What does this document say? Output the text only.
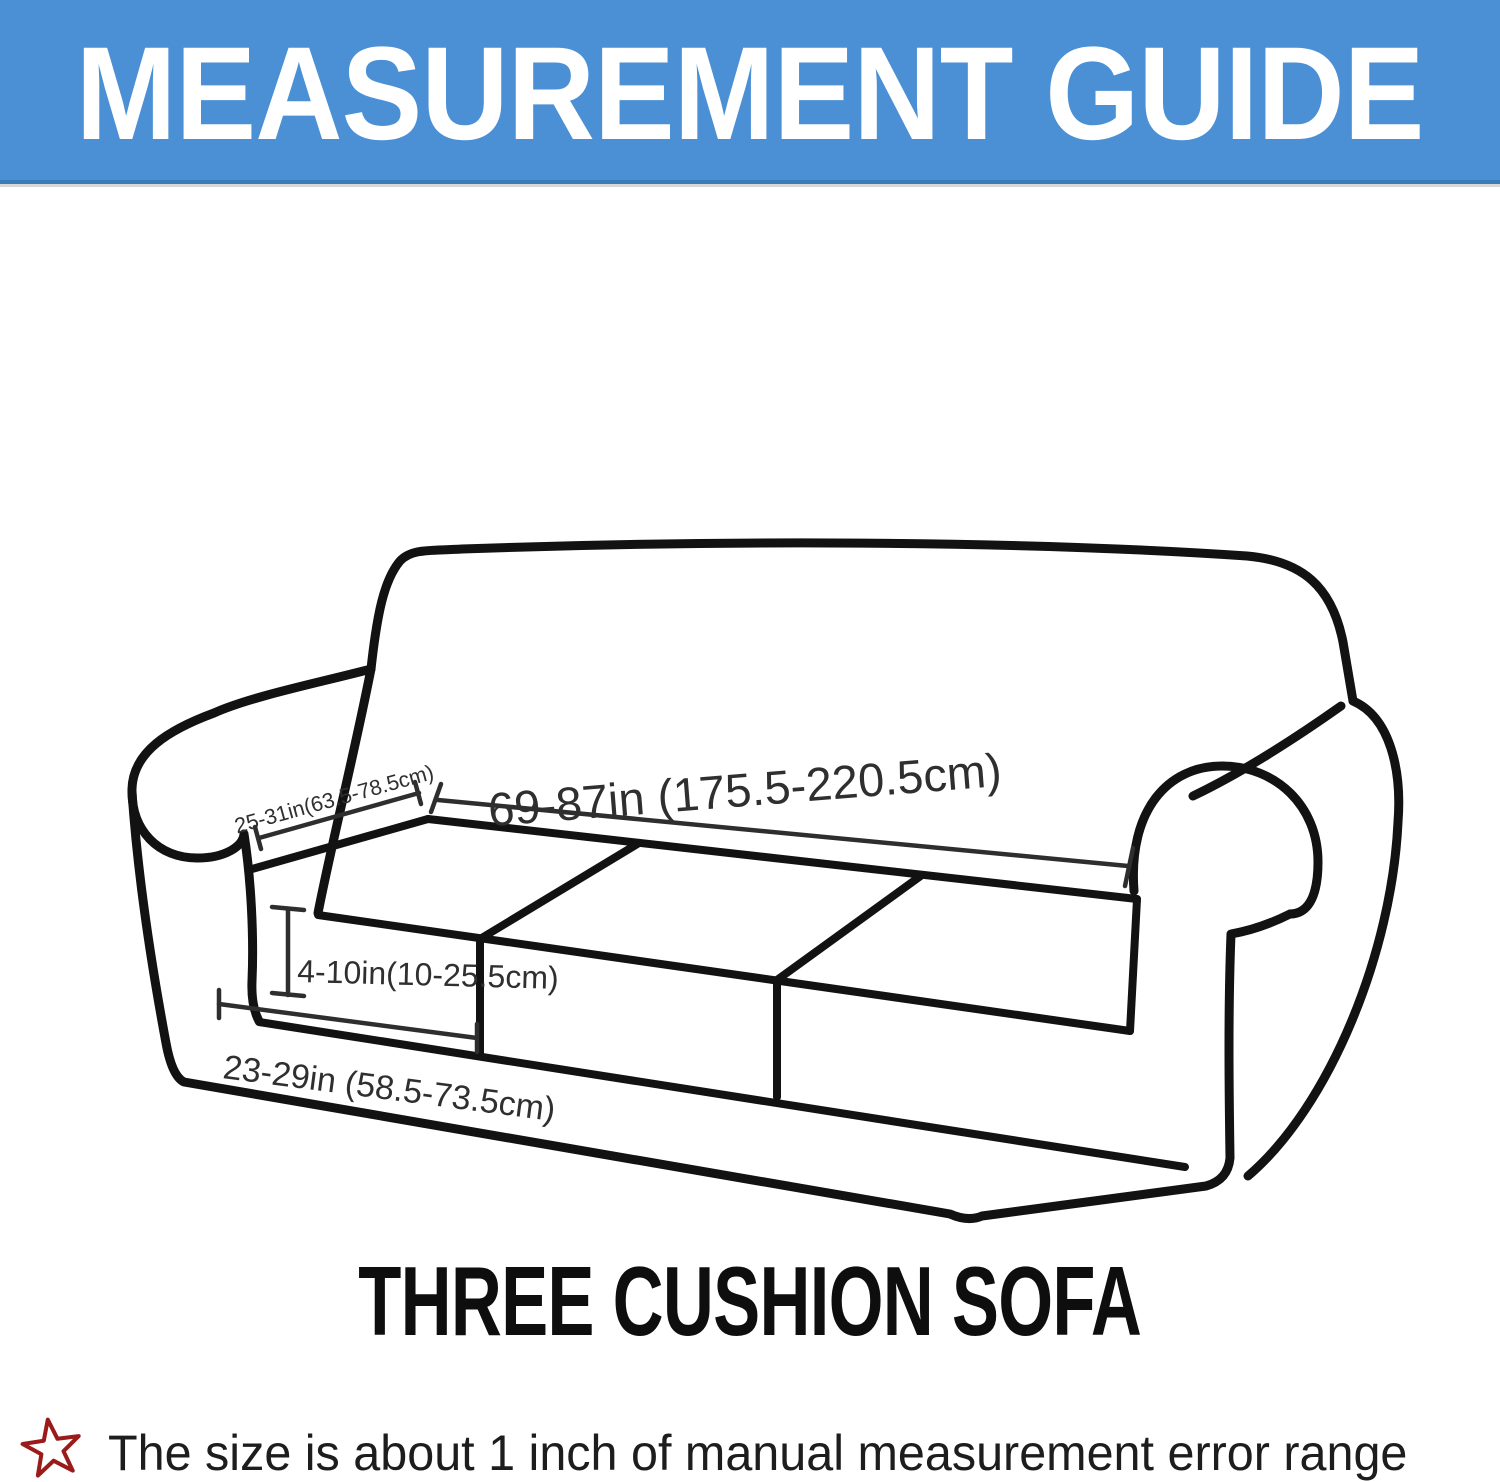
MEASUREMENT GUIDE
25-31in(63.5-78.5cm) 69-87in (175.5-220.5cm)
4-10in(10-25.5cm)
23-29in (58.5-73.5cm)
THREE CUSHION SOFA
The size is about 1 inch of manual measurement error range
